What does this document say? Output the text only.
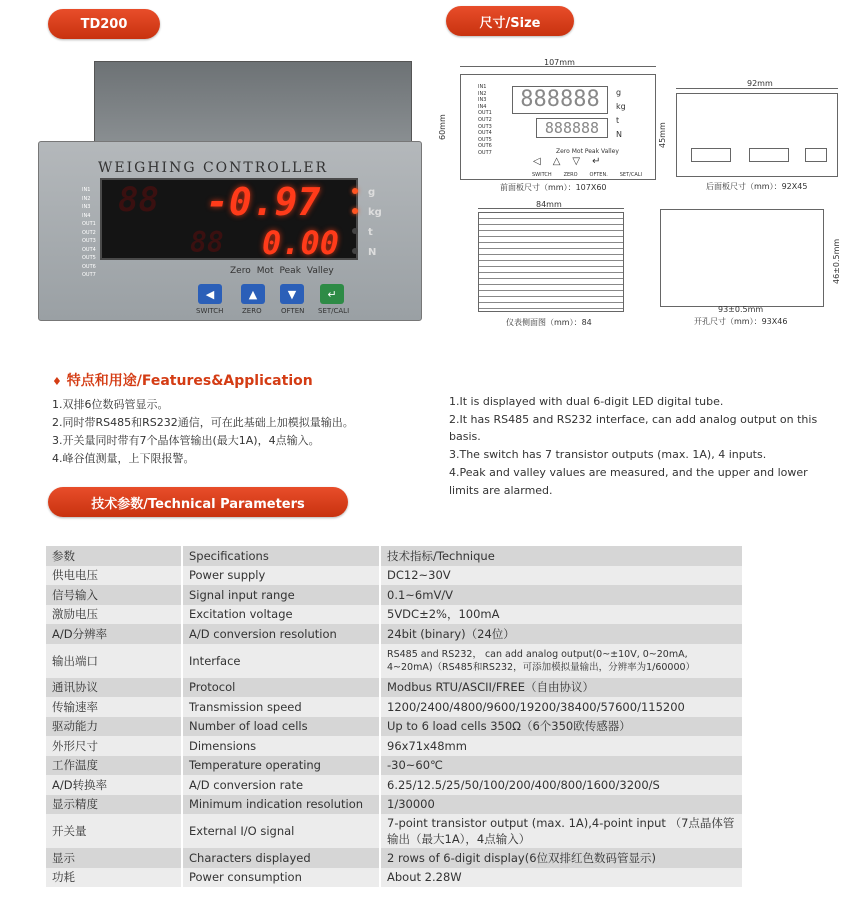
TD200	尺寸/Size
技术参数/Technical Parameters
WEIGHING CONTROLLER
IN1
IN2
IN3
IN4
OUT1
OUT2
OUT3
OUT4
OUT5
OUT6
OUT7
88 -0.97
88 0.00
g
kg
t
N
Zero Mot Peak Valley
◀	▲	▼	↵
SWITCH	ZERO	OFTEN SET/CALI
107mm
60mm
IN1
IN2
IN3
IN4
OUT1
OUT2
OUT3
OUT4
OUT5
OUT6
OUT7
888888
888888
g
kg
t
N
Zero Mot Peak Valley
◁△▽↵
SWITCH ZERO OFTEN. SET/CALI
前面板尺寸（mm）：107X60
92mm
45mm
后面板尺寸（mm）：92X45
84mm
仪表侧面图（mm）：84
46±0.5mm
93±0.5mm
开孔尺寸（mm）：93X46
♦ 特点和用途/Features&Application
1.双排6位数码管显示。
2.同时带RS485和RS232通信，可在此基础上加模拟量输出。
3.开关量同时带有7个晶体管输出(最大1A)，4点输入。
4.峰谷值测量，上下限报警。
1.It is displayed with dual 6-digit LED digital tube.
2.It has RS485 and RS232 interface, can add analog output on this basis.
3.The switch has 7 transistor outputs (max. 1A), 4 inputs.
4.Peak and valley values are measured, and the upper and lower limits are alarmed.
参数	Specifications	技术指标/Technique
供电电压	Power supply	DC12~30V
信号输入	Signal input range	0.1~6mV/V
激励电压	Excitation voltage	5VDC±2%，100mA
A/D分辨率	A/D conversion resolution	24bit (binary)（24位）
输出端口	Interface	RS485 and RS232， can add analog output(0~±10V, 0~20mA, 4~20mA)（RS485和RS232，可添加模拟量输出，分辨率为1/60000）
通讯协议	Protocol	Modbus RTU/ASCII/FREE（自由协议）
传输速率	Transmission speed	1200/2400/4800/9600/19200/38400/57600/115200
驱动能力	Number of load cells	Up to 6 load cells 350Ω（6个350欧传感器）
外形尺寸	Dimensions	96x71x48mm
工作温度	Temperature operating	-30~60℃
A/D转换率	A/D conversion rate	6.25/12.5/25/50/100/200/400/800/1600/3200/S
显示精度	Minimum indication resolution	1/30000
开关量	External I/O signal	7-point transistor output (max. 1A),4-point input （7点晶体管输出（最大1A），4点输入）
显示	Characters displayed	2 rows of 6-digit display(6位双排红色数码管显示)
功耗	Power consumption	About 2.28W
